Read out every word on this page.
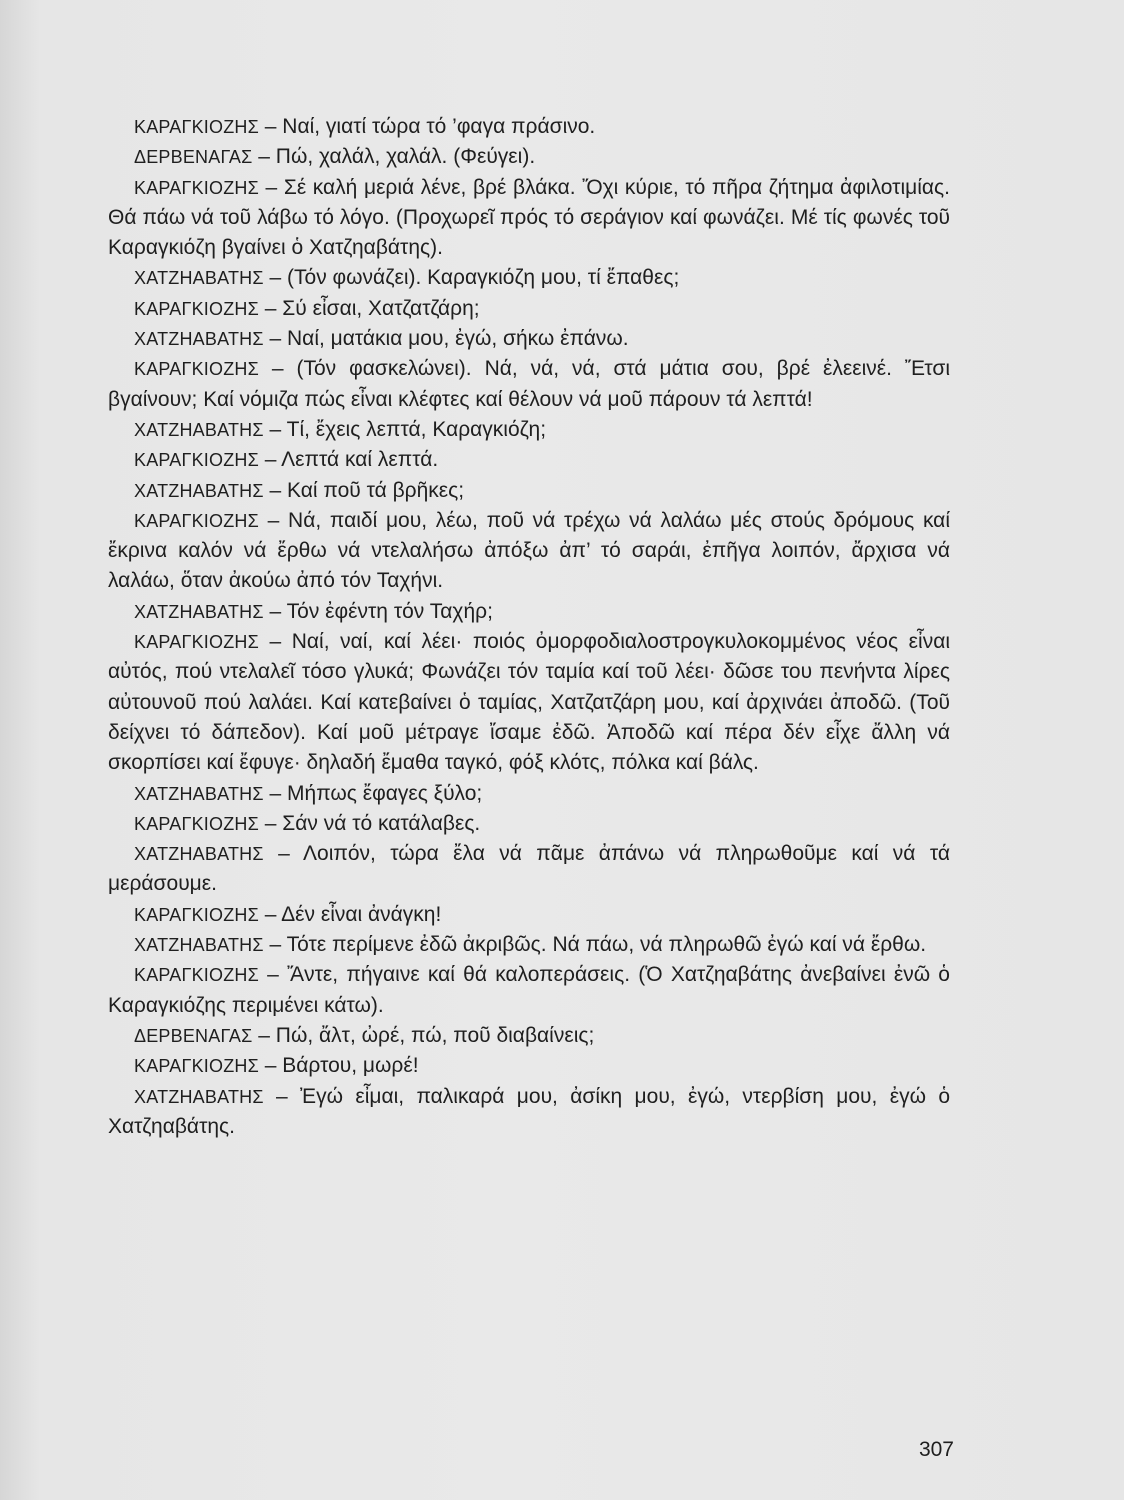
ΚΑΡΑΓΚΙΟΖΗΣ – Ναί, γιατί τώρα τό ’φαγα πράσινο.

ΔΕΡΒΕΝΑΓΑΣ – Πώ, χαλάλ, χαλάλ. (Φεύγει).

ΚΑΡΑΓΚΙΟΖΗΣ – Σέ καλή μεριά λένε, βρέ βλάκα. Ὄχι κύριε, τό πῆρα ζήτημα ἀφιλοτιμίας. Θά πάω νά τοῦ λάβω τό λόγο. (Προχωρεῖ πρός τό σεράγιον καί φωνάζει. Μέ τίς φωνές τοῦ Καραγκιόζη βγαίνει ὁ Χατζηαβάτης).

ΧΑΤΖΗΑΒΑΤΗΣ – (Τόν φωνάζει). Καραγκιόζη μου, τί ἔπαθες;

ΚΑΡΑΓΚΙΟΖΗΣ – Σύ εἶσαι, Χατζατζάρη;

ΧΑΤΖΗΑΒΑΤΗΣ – Ναί, ματάκια μου, ἐγώ, σήκω ἐπάνω.

ΚΑΡΑΓΚΙΟΖΗΣ – (Τόν φασκελώνει). Νά, νά, νά, στά μάτια σου, βρέ ἐλεεινέ. Ἔτσι βγαίνουν; Καί νόμιζα πώς εἶναι κλέφτες καί θέλουν νά μοῦ πάρουν τά λεπτά!

ΧΑΤΖΗΑΒΑΤΗΣ – Τί, ἔχεις λεπτά, Καραγκιόζη;

ΚΑΡΑΓΚΙΟΖΗΣ – Λεπτά καί λεπτά.

ΧΑΤΖΗΑΒΑΤΗΣ – Καί ποῦ τά βρῆκες;

ΚΑΡΑΓΚΙΟΖΗΣ – Νά, παιδί μου, λέω, ποῦ νά τρέχω νά λαλάω μές στούς δρόμους καί ἔκρινα καλόν νά ἔρθω νά ντελαλήσω ἀπόξω ἀπ’ τό σαράι, ἐπῆγα λοιπόν, ἄρχισα νά λαλάω, ὅταν ἀκούω ἀπό τόν Ταχήνι.

ΧΑΤΖΗΑΒΑΤΗΣ – Τόν ἐφέντη τόν Ταχήρ;

ΚΑΡΑΓΚΙΟΖΗΣ – Ναί, ναί, καί λέει· ποιός ὀμορφοδιαλοστρογκυλοκομμένος νέος εἶναι αὐτός, πού ντελαλεῖ τόσο γλυκά; Φωνάζει τόν ταμία καί τοῦ λέει· δῶσε του πενήντα λίρες αὐτουνοῦ πού λαλάει. Καί κατεβαίνει ὁ ταμίας, Χατζατζάρη μου, καί ἀρχινάει ἀποδῶ. (Τοῦ δείχνει τό δάπεδον). Καί μοῦ μέτραγε ἴσαμε ἐδῶ. Ἀποδῶ καί πέρα δέν εἶχε ἄλλη νά σκορπίσει καί ἔφυγε· δηλαδή ἔμαθα ταγκό, φόξ κλότς, πόλκα καί βάλς.

ΧΑΤΖΗΑΒΑΤΗΣ – Μήπως ἔφαγες ξύλο;

ΚΑΡΑΓΚΙΟΖΗΣ – Σάν νά τό κατάλαβες.

ΧΑΤΖΗΑΒΑΤΗΣ – Λοιπόν, τώρα ἔλα νά πᾶμε ἀπάνω νά πληρωθοῦμε καί νά τά μεράσουμε.

ΚΑΡΑΓΚΙΟΖΗΣ – Δέν εἶναι ἀνάγκη!

ΧΑΤΖΗΑΒΑΤΗΣ – Τότε περίμενε ἐδῶ ἀκριβῶς. Νά πάω, νά πληρωθῶ ἐγώ καί νά ἔρθω.

ΚΑΡΑΓΚΙΟΖΗΣ – Ἄντε, πήγαινε καί θά καλοπεράσεις. (Ὁ Χατζηαβάτης ἀνεβαίνει ἐνῶ ὁ Καραγκιόζης περιμένει κάτω).

ΔΕΡΒΕΝΑΓΑΣ – Πώ, ἄλτ, ὠρέ, πώ, ποῦ διαβαίνεις;

ΚΑΡΑΓΚΙΟΖΗΣ – Βάρτου, μωρέ!

ΧΑΤΖΗΑΒΑΤΗΣ – Ἐγώ εἶμαι, παλικαρά μου, ἀσίκη μου, ἐγώ, ντερβίση μου, ἐγώ ὁ Χατζηαβάτης.

307
